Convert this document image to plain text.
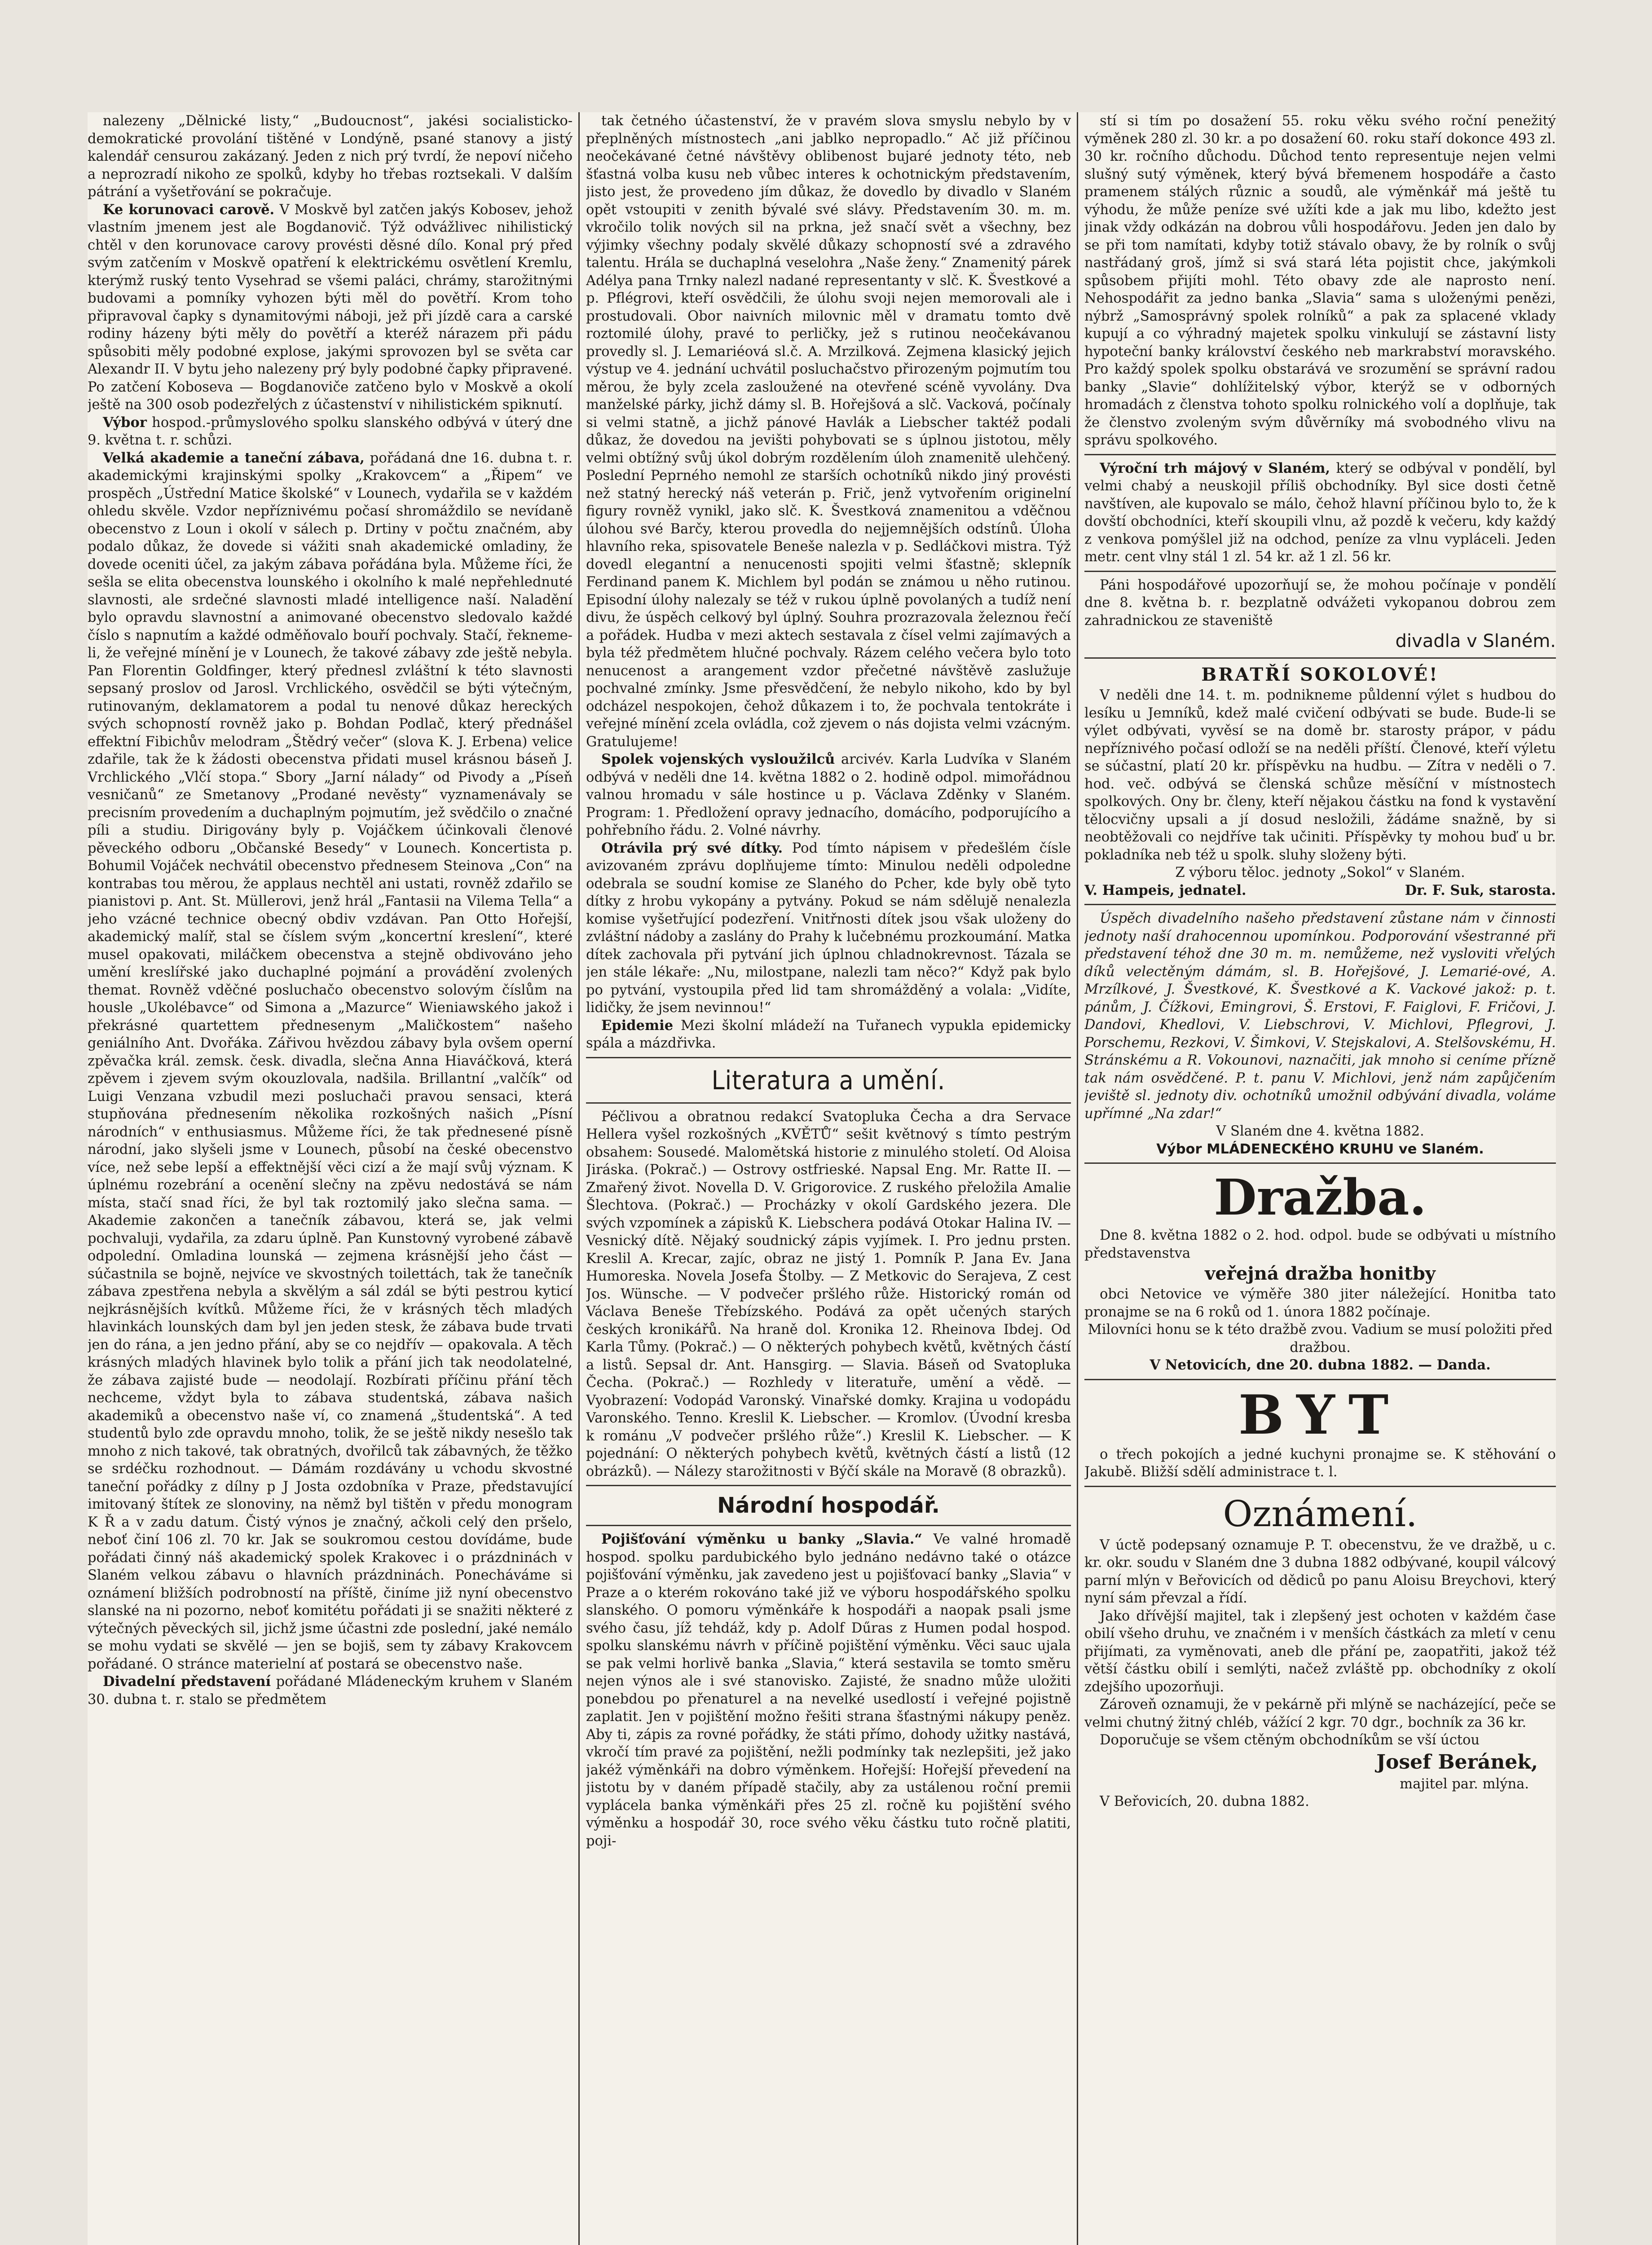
nalezeny „Dělnické listy,“ „Budoucnost“, jakési socialisticko-demokratické provolání tištěné v Londýně, psané stanovy a jistý kalendář censurou zakázaný. Jeden z nich prý tvrdí, že nepoví ničeho a neprozradí nikoho ze spolků, kdyby ho třebas roztsekali. V dalším pátrání a vyšetřování se pokračuje.

Ke korunovaci carově. V Moskvě byl zatčen jakýs Kobosev, jehož vlastním jmenem jest ale Bogdanovič. Týž odvážlivec nihilistický chtěl v den korunovace carovy provésti děsné dílo. Konal prý před svým zatčením v Moskvě opatření k elektrickému osvětlení Kremlu, kterýmž ruský tento Vysehrad se všemi paláci, chrámy, starožitnými budovami a pomníky vyhozen býti měl do povětří. Krom toho připravoval čapky s dynamitovými náboji, jež při jízdě cara a carské rodiny házeny býti měly do povětří a kteréž nárazem při pádu spůsobiti měly podobné explose, jakými sprovozen byl se světa car Alexandr II. V bytu jeho nalezeny prý byly podobné čapky připravené. Po zatčení Koboseva — Bogdanoviče zatčeno bylo v Moskvě a okolí ještě na 300 osob podezřelých z účastenství v nihilistickém spiknutí.

Výbor hospod.-průmyslového spolku slanského odbývá v úterý dne 9. května t. r. schůzi.

Velká akademie a taneční zábava, pořádaná dne 16. dubna t. r. akademickými krajinskými spolky „Krakovcem“ a „Řipem“ ve prospěch „Ústřední Matice školské“ v Lounech, vydařila se v každém ohledu skvěle. Vzdor nepříznivému počasí shromáždilo se nevídaně obecenstvo z Loun i okolí v sálech p. Drtiny v počtu značném, aby podalo důkaz, že dovede si vážiti snah akademické omladiny, že dovede oceniti účel, za jakým zábava pořádána byla. Můžeme říci, že sešla se elita obecenstva lounského i okolního k malé nepřehlednuté slavnosti, ale srdečné slavnosti mladé intelligence naší. Naladění bylo opravdu slavnostní a animované obecenstvo sledovalo každé číslo s napnutím a každé odměňovalo bouří pochvaly. Stačí, řekneme-li, že veřejné mínění je v Lounech, že takové zábavy zde ještě nebyla. Pan Florentin Goldfinger, který přednesl zvláštní k této slavnosti sepsaný proslov od Jarosl. Vrchlického, osvědčil se býti výtečným, rutinovaným, deklamatorem a podal tu nenové důkaz hereckých svých schopností rovněž jako p. Bohdan Podlač, který přednášel effektní Fibichův melodram „Štědrý večer“ (slova K. J. Erbena) velice zdařile, tak že k žádosti obecenstva přidati musel krásnou báseň J. Vrchlického „Vlčí stopa.“ Sbory „Jarní nálady“ od Pivody a „Píseň vesničanů“ ze Smetanovy „Prodané nevěsty“ vyznamenávaly se precisním provedením a duchaplným pojmutím, jež svědčilo o značné píli a studiu. Dirigovány byly p. Vojáčkem účinkovali členové pěveckého odboru „Občanské Besedy“ v Lounech. Koncertista p. Bohumil Vojáček nechvátil obecenstvo přednesem Steinova „Con“ na kontrabas tou měrou, že applaus nechtěl ani ustati, rovněž zdařilo se pianistovi p. Ant. St. Müllerovi, jenž hrál „Fantasii na Vilema Tella“ a jeho vzácné technice obecný obdiv vzdávan. Pan Otto Hořejší, akademický malíř, stal se číslem svým „koncertní kreslení“, které musel opakovati, miláčkem obecenstva a stejně obdivováno jeho umění kreslířské jako duchaplné pojmání a provádění zvolených themat. Rovněž vděčné posluchačo obecenstvo solovým číslům na housle „Ukolébavce“ od Simona a „Mazurce“ Wieniawského jakož i překrásné quartettem přednesenym „Maličkostem“ našeho geniálního Ant. Dvořáka. Zářivou hvězdou zábavy byla ovšem operní zpěvačka král. zemsk. česk. divadla, slečna Anna Hiaváčková, která zpěvem i zjevem svým okouzlovala, nadšila. Brillantní „valčík“ od Luigi Venzana vzbudil mezi posluchači pravou sensaci, která stupňována přednesením několika rozkošných našich „Písní národních“ v enthusiasmus. Můžeme říci, že tak přednesené písně národní, jako slyšeli jsme v Lounech, působí na české obecenstvo více, než sebe lepší a effektnější věci cizí a že mají svůj význam. K úplnému rozebrání a ocenění slečny na zpěvu nedostává se nám místa, stačí snad říci, že byl tak roztomilý jako slečna sama. — Akademie zakončen a tanečník zábavou, která se, jak velmi pochvaluji, vydařila, za zdaru úplně. Pan Kunstovný vyrobené zábavě odpolední. Omladina lounská — zejmena krásnější jeho část — súčastnila se bojně, nejvíce ve skvostných toilettách, tak že tanečník zábava zpestřena nebyla a skvělým a sál zdál se býti pestrou kyticí nejkrásnějších kvítků. Můžeme říci, že v krásných těch mladých hlavinkách lounských dam byl jen jeden stesk, že zábava bude trvati jen do rána, a jen jedno přání, aby se co nejdřív — opakovala. A těch krásných mladých hlavinek bylo tolik a přání jich tak neodolatelné, že zábava zajisté bude — neodolají. Rozbírati příčinu přání těch nechceme, vždyt byla to zábava studentská, zábava našich akademiků a obecenstvo naše ví, co znamená „študentská“. A ted studentů bylo zde opravdu mnoho, tolik, že se ještě nikdy nesešlo tak mnoho z nich takové, tak obratných, dvořilců tak zábavných, že těžko se srdéčku rozhodnout. — Dámám rozdávány u vchodu skvostné taneční pořádky z dílny p J Josta ozdobníka v Praze, představující imitovaný štítek ze slonoviny, na němž byl tištěn v předu monogram K Ř a v zadu datum. Čistý výnos je značný, ačkoli celý den pršelo, neboť činí 106 zl. 70 kr. Jak se soukromou cestou dovídáme, bude pořádati činný náš akademický spolek Krakovec i o prázdninách v Slaném velkou zábavu o hlavních prázdninách. Ponecháváme si oznámení bližších podrobností na příště, činíme již nyní obecenstvo slanské na ni pozorno, neboť komitétu pořádati ji se snažiti některé z výtečných pěveckých sil, jichž jsme účastni zde poslední, jaké nemálo se mohu vydati se skvělé — jen se bojiš, sem ty zábavy Krakovcem pořádané. O stránce materielní ať postará se obecenstvo naše.

Divadelní představení pořádané Mládeneckým kruhem v Slaném 30. dubna t. r. stalo se předmětem

tak četného účastenství, že v pravém slova smyslu nebylo by v přeplněných místnostech „ani jablko nepropadlo.“ Ač již příčinou neočekávané četné návštěvy oblibenost bujaré jednoty této, neb šťastná volba kusu neb vůbec interes k ochotnickým představením, jisto jest, že provedeno jím důkaz, že dovedlo by divadlo v Slaném opět vstoupiti v zenith bývalé své slávy. Představením 30. m. m. vkročilo tolik nových sil na prkna, jež snačí svět a všechny, bez výjimky všechny podaly skvělé důkazy schopností své a zdravého talentu. Hrála se duchaplná veselohra „Naše ženy.“ Znamenitý párek Adélya pana Trnky nalezl nadané representanty v slč. K. Švestkové a p. Pflégrovi, kteří osvědčili, že úlohu svoji nejen memorovali ale i prostudovali. Obor naivních milovnic měl v dramatu tomto dvě roztomilé úlohy, pravé to perličky, jež s rutinou neočekávanou provedly sl. J. Lemariéová sl.č. A. Mrzilková. Zejmena klasický jejich výstup ve 4. jednání uchvátil posluchačstvo přirozeným pojmutím tou měrou, že byly zcela zasloužené na otevřené scéně vyvolány. Dva manželské párky, jichž dámy sl. B. Hořejšová a slč. Vacková, počínaly si velmi statně, a jichž pánové Havlák a Liebscher taktéž podali důkaz, že dovedou na jevišti pohybovati se s úplnou jistotou, měly velmi obtížný svůj úkol dobrým rozdělením úloh znamenitě ulehčený. Poslední Peprného nemohl ze starších ochotníků nikdo jiný provésti než statný herecký náš veterán p. Frič, jenž vytvořením originelní figury rovněž vynikl, jako slč. K. Švestková znamenitou a vděčnou úlohou své Barčy, kterou provedla do nejjemnějších odstínů. Úloha hlavního reka, spisovatele Beneše nalezla v p. Sedláčkovi mistra. Týž dovedl elegantní a nenucenosti spojiti velmi šťastně; sklepník Ferdinand panem K. Michlem byl podán se známou u něho rutinou. Episodní úlohy nalezaly se též v rukou úplně povolaných a tudíž není divu, že úspěch celkový byl úplný. Souhra prozrazovala železnou řečí a pořádek. Hudba v mezi aktech sestavala z čísel velmi zajímavých a byla též předmětem hlučné pochvaly. Rázem celého večera bylo toto nenucenost a arangement vzdor přečetné návštěvě zaslužuje pochvalné zmínky. Jsme přesvědčení, že nebylo nikoho, kdo by byl odcházel nespokojen, čehož důkazem i to, že pochvala tentokráte i veřejné mínění zcela ovládla, což zjevem o nás dojista velmi vzácným. Gratulujeme!

Spolek vojenských vysloužilců arcivév. Karla Ludvíka v Slaném odbývá v neděli dne 14. května 1882 o 2. hodině odpol. mimořádnou valnou hromadu v sále hostince u p. Václava Zděnky v Slaném. Program: 1. Předložení opravy jednacího, domácího, podporujícího a pohřebního řádu. 2. Volné návrhy.

Otrávila prý své dítky. Pod tímto nápisem v předešlém čísle avizovaném zprávu doplňujeme tímto: Minulou neděli odpoledne odebrala se soudní komise ze Slaného do Pcher, kde byly obě tyto dítky z hrobu vykopány a pytvány. Pokud se nám sdělujě nenalezla komise vyšetřující podezření. Vnitřnosti dítek jsou však uloženy do zvláštní nádoby a zaslány do Prahy k lučebnému prozkoumání. Matka dítek zachovala při pytvání jich úplnou chladnokrevnost. Tázala se jen stále lékaře: „Nu, milostpane, nalezli tam něco?“ Když pak bylo po pytvání, vystoupila před lid tam shromážděný a volala: „Vidíte, lidičky, že jsem nevinnou!“

Epidemie Mezi školní mládeží na Tuřanech vypukla epidemicky spála a mázdřivka.

Literatura a umění.

Péčlivou a obratnou redakcí Svatopluka Čecha a dra Servace Hellera vyšel rozkošných „KVĚTŮ“ sešit květnový s tímto pestrým obsahem: Sousedé. Malomětská historie z minulého století. Od Aloisa Jiráska. (Pokrač.) — Ostrovy ostfrieské. Napsal Eng. Mr. Ratte II. — Zmařený život. Novella D. V. Grigorovice. Z ruského přeložila Amalie Šlechtova. (Pokrač.) — Procházky v okolí Gardského jezera. Dle svých vzpomínek a zápisků K. Liebschera podává Otokar Halina IV. — Vesnický dítě. Nějaký soudnický zápis vyjímek. I. Pro jednu prsten. Kreslil A. Krecar, zajíc, obraz ne jistý 1. Pomník P. Jana Ev. Jana Humoreska. Novela Josefa Štolby. — Z Metkovic do Serajeva, Z cest Jos. Wünsche. — V podvečer pršlého růže. Historický román od Václava Beneše Třebízského. Podává za opět učených starých českých kronikářů. Na hraně dol. Kronika 12. Rheinova Ibdej. Od Karla Tůmy. (Pokrač.) — O některých pohybech květů, květných částí a listů. Sepsal dr. Ant. Hansgirg. — Slavia. Báseň od Svatopluka Čecha. (Pokrač.) — Rozhledy v literatuře, umění a vědě. — Vyobrazení: Vodopád Varonský. Vinařské domky. Krajina u vodopádu Varonského. Tenno. Kreslil K. Liebscher. — Kromlov. (Úvodní kresba k románu „V podvečer pršlého růže“.) Kreslil K. Liebscher. — K pojednání: O některých pohybech květů, květných částí a listů (12 obrázků). — Nálezy starožitnosti v Býčí skále na Moravě (8 obrazků).

Národní hospodář.

Pojišťování výměnku u banky „Slavia.“ Ve valné hromadě hospod. spolku pardubického bylo jednáno nedávno také o otázce pojišťování výměnku, jak zavedeno jest u pojišťovací banky „Slavia“ v Praze a o kterém rokováno také již ve výboru hospodářského spolku slanského. O pomoru výměnkáře k hospodáři a naopak psali jsme svého času, jíž tehdáž, kdy p. Adolf Dűras z Humen podal hospod. spolku slanskému návrh v příčině pojištění výměnku. Věci sauc ujala se pak velmi horlivě banka „Slavia,“ která sestavila se tomto směru nejen výnos ale i své stanovisko. Zajisté, že snadno může uložiti ponebdou po přenaturel a na nevelké usedlostí i veřejné pojistně zaplatit. Jen v pojištění možno řešiti strana šťastnými nákupy peněz. Aby ti, zápis za rovné pořádky, že státi přímo, dohody užitky nastává, vkročí tím pravé za pojištění, nežli podmínky tak nezlepšiti, jež jako jakéž výměnkáři na dobro výměnkem. Hořejší: Hořejší převedení na jistotu by v daném případě stačily, aby za ustálenou roční premii vyplácela banka výměnkáři přes 25 zl. ročně ku pojištění svého výměnku a hospodář 30, roce svého věku částku tuto ročně platiti, poji-

stí si tím po dosažení 55. roku věku svého roční penežitý výměnek 280 zl. 30 kr. a po dosažení 60. roku staří dokonce 493 zl. 30 kr. ročního důchodu. Důchod tento representuje nejen velmi slušný sutý výměnek, který bývá břemenem hospodáře a často pramenem stálých různic a soudů, ale výměnkář má ještě tu výhodu, že může peníze své užíti kde a jak mu libo, kdežto jest jinak vždy odkázán na dobrou vůli hospodářovu. Jeden jen dalo by se při tom namítati, kdyby totiž stávalo obavy, že by rolník o svůj nastřádaný groš, jímž si svá stará léta pojistit chce, jakýmkoli spůsobem přijíti mohl. Této obavy zde ale naprosto není. Nehospodářit za jedno banka „Slavia“ sama s uloženými penězi, nýbrž „Samosprávný spolek rolníků“ a pak za splacené vklady kupují a co výhradný majetek spolku vinkulují se zástavní listy hypoteční banky království českého neb markrabství moravského. Pro každý spolek spolku obstarává ve srozumění se správní radou banky „Slavie“ dohlížitelský výbor, kterýž se v odborných hromadách z členstva tohoto spolku rolnického volí a doplňuje, tak že členstvo zvoleným svým důvěrníky má svobodného vlivu na správu spolkového.

Výroční trh májový v Slaném, který se odbýval v pondělí, byl velmi chabý a neuskojil příliš obchodníky. Byl sice dosti četně navštíven, ale kupovalo se málo, čehož hlavní příčinou bylo to, že k dovští obchodníci, kteří skoupili vlnu, až pozdě k večeru, kdy každý z venkova pomýšlel již na odchod, peníze za vlnu vypláceli. Jeden metr. cent vlny stál 1 zl. 54 kr. až 1 zl. 56 kr.

Páni hospodářové upozorňují se, že mohou počínaje v pondělí dne 8. května b. r. bezplatně odvážeti vykopanou dobrou zem zahradnickou ze staveniště

divadla v Slaném.
BRATŘÍ SOKOLOVÉ!

V neděli dne 14. t. m. podnikneme půldenní výlet s hudbou do lesíku u Jemníků, kdež malé cvičení odbývati se bude. Bude-li se výlet odbývati, vyvěsí se na domě br. starosty prápor, v pádu nepříznivého počasí odloží se na neděli příští. Členové, kteří výletu se súčastní, platí 20 kr. příspěvku na hudbu. — Zítra v neděli o 7. hod. več. odbývá se členská schůze měsíční v místnostech spolkových. Ony br. členy, kteří nějakou částku na fond k vystavění tělocvičny upsali a jí dosud nesložili, žádáme snažně, by si neobtěžovali co nejdříve tak učiniti. Příspěvky ty mohou buď u br. pokladníka neb též u spolk. sluhy složeny býti.

Z výboru těloc. jednoty „Sokol“ v Slaném.

V. Hampeis, jednatel.	Dr. F. Suk, starosta.

Úspěch divadelního našeho představení zůstane nám v činnosti jednoty naší drahocennou upomínkou. Podporování všestranné při představení téhož dne 30 m. m. nemůžeme, než vysloviti vřelých díků velectěným dámám, sl. B. Hořejšové, J. Lemarié-ové, A. Mrzílkové, J. Švestkové, K. Švestkové a K. Vackové jakož: p. t. pánům, J. Čížkovi, Emingrovi, Š. Erstovi, F. Faiglovi, F. Fričovi, J. Dandovi, Khedlovi, V. Liebschrovi, V. Michlovi, Pflegrovi, J. Porschemu, Rezkovi, V. Šimkovi, V. Stejskalovi, A. Stelšovskému, H. Stránskému a R. Vokounovi, naznačiti, jak mnoho si ceníme přízně tak nám osvědčené. P. t. panu V. Michlovi, jenž nám zapůjčením jeviště sl. jednoty div. ochotníků umožnil odbývání divadla, voláme upřímné „Na zdar!“

V Slaném dne 4. května 1882.

Výbor MLÁDENECKÉHO KRUHU ve Slaném.
Dražba.

Dne 8. května 1882 o 2. hod. odpol. bude se odbývati u místního představenstva

veřejná dražba honitby

obci Netovice ve výměře 380 jiter náležející. Honitba tato pronajme se na 6 roků od 1. února 1882 počínaje.

Milovníci honu se k této dražbě zvou. Vadium se musí položiti před dražbou.

V Netovicích, dne 20. dubna 1882. — Danda.

BYT

o třech pokojích a jedné kuchyni pronajme se. K stěhování o Jakubě. Bližší sdělí administrace t. l.

Oznámení.

V úctě podepsaný oznamuje P. T. obecenstvu, že ve dražbě, u c. kr. okr. soudu v Slaném dne 3 dubna 1882 odbývané, koupil válcový parní mlýn v Beřovicích od dědiců po panu Aloisu Breychovi, který nyní sám převzal a řídí.

Jako dřívější majitel, tak i zlepšený jest ochoten v každém čase obilí všeho druhu, ve značném i v menších částkách za mletí v cenu přijímati, za vyměnovati, aneb dle přání pe, zaopatřiti, jakož též větší částku obilí i semlýti, načež zvláště pp. obchodníky z okolí zdejšího upozorňuji.

Zároveň oznamuji, že v pekárně při mlýně se nacházející, peče se velmi chutný žitný chléb, vážící 2 kgr. 70 dgr., bochník za 36 kr.

Doporučuje se všem ctěným obchodníkům se vší úctou

Josef Beránek,
majitel par. mlýna.

V Beřovicích, 20. dubna 1882.
